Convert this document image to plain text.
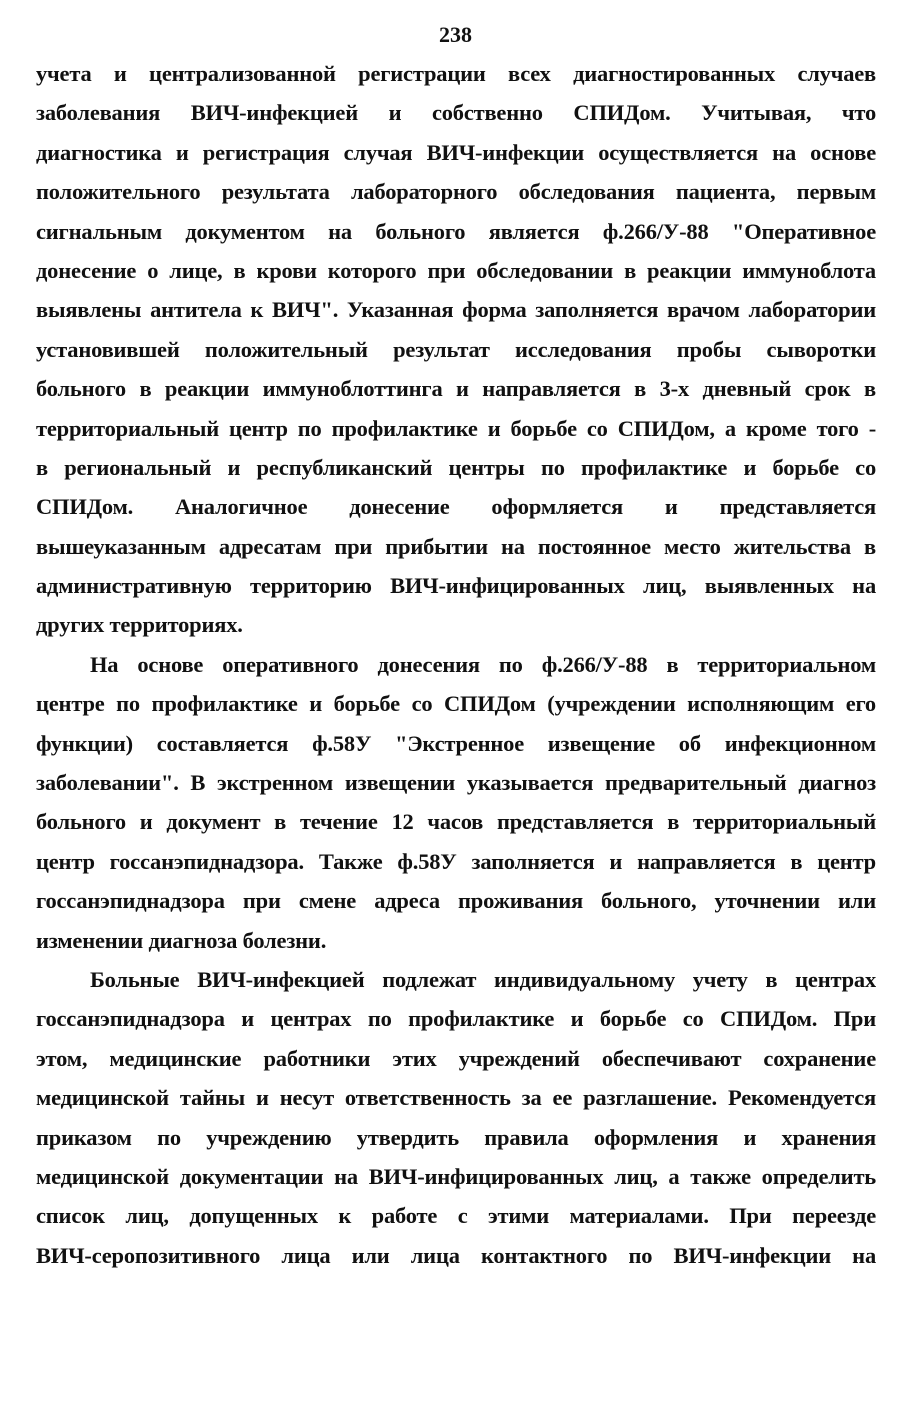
238
учета и централизованной регистрации всех диагностированных случаев
заболевания ВИЧ-инфекцией и собственно СПИДом. Учитывая, что
диагностика и регистрация случая ВИЧ-инфекции осуществляется на основе
положительного результата лабораторного обследования пациента, первым
сигнальным документом на больного является ф.266/У-88 "Оперативное
донесение о лице, в крови которого при обследовании в реакции иммуноблота
выявлены антитела к ВИЧ". Указанная форма заполняется врачом лаборатории
установившей положительный результат исследования пробы сыворотки
больного в реакции иммуноблоттинга и направляется в 3-х дневный срок в
территориальный центр по профилактике и борьбе со СПИДом, а кроме того -
в региональный и республиканский центры по профилактике и борьбе со
СПИДом. Аналогичное донесение оформляется и представляется
вышеуказанным адресатам при прибытии на постоянное место жительства в
административную территорию ВИЧ-инфицированных лиц, выявленных на
других территориях.
На основе оперативного донесения по ф.266/У-88 в территориальном
центре по профилактике и борьбе со СПИДом (учреждении исполняющим его
функции) составляется ф.58У "Экстренное извещение об инфекционном
заболевании". В экстренном извещении указывается предварительный диагноз
больного и документ в течение 12 часов представляется в территориальный
центр госсанэпиднадзора. Также ф.58У заполняется и направляется в центр
госсанэпиднадзора при смене адреса проживания больного, уточнении или
изменении диагноза болезни.
Больные ВИЧ-инфекцией подлежат индивидуальному учету в центрах
госсанэпиднадзора и центрах по профилактике и борьбе со СПИДом. При
этом, медицинские работники этих учреждений обеспечивают сохранение
медицинской тайны и несут ответственность за ее разглашение. Рекомендуется
приказом по учреждению утвердить правила оформления и хранения
медицинской документации на ВИЧ-инфицированных лиц, а также определить
список лиц, допущенных к работе с этими материалами. При переезде
ВИЧ-серопозитивного лица или лица контактного по ВИЧ-инфекции на
